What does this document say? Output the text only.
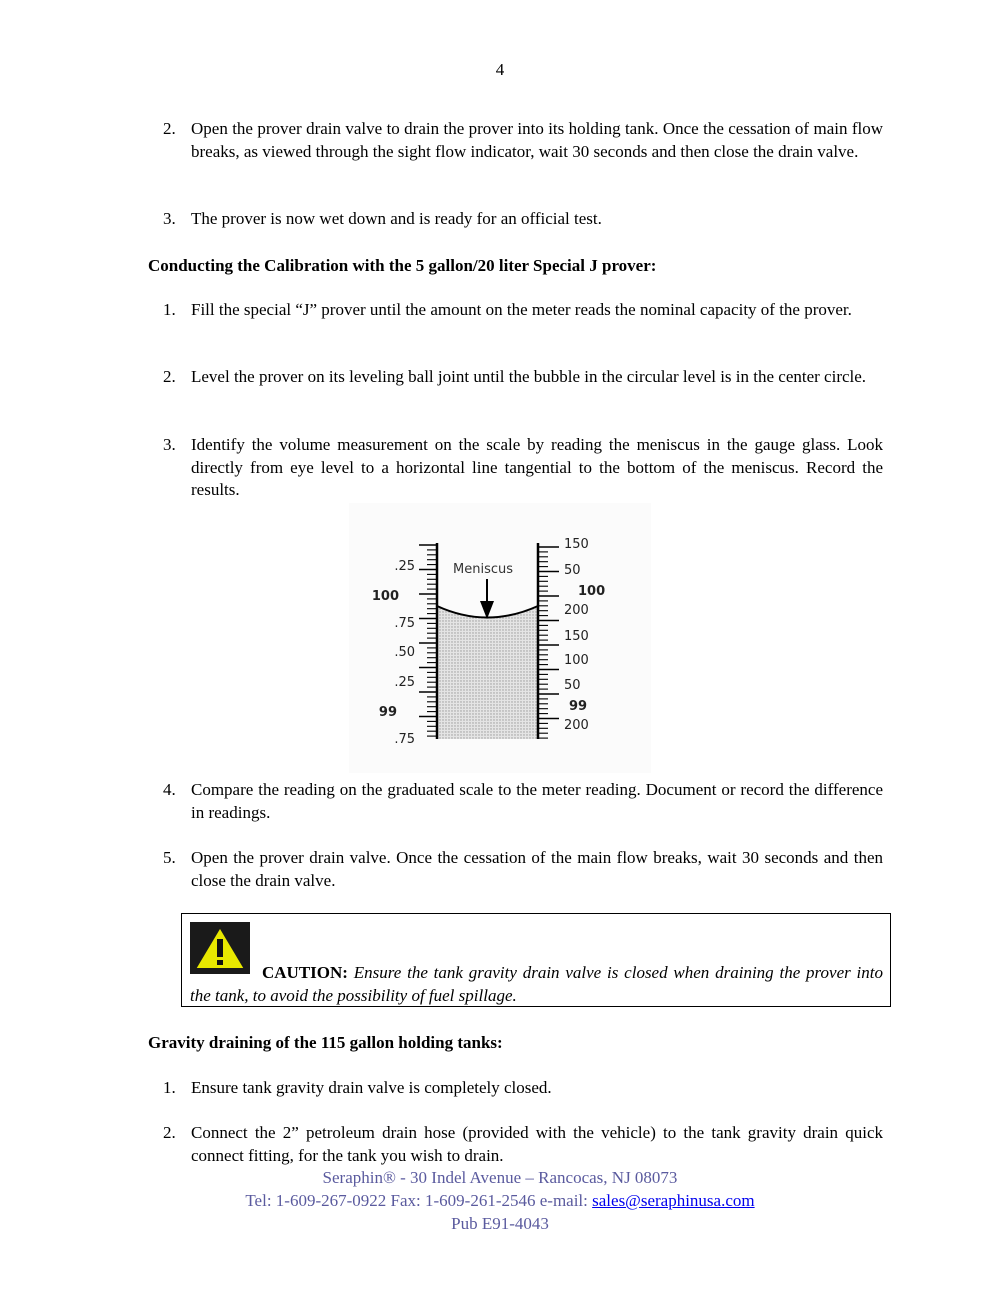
4
2. Open the prover drain valve to drain the prover into its holding tank. Once the cessation of main flow breaks, as viewed through the sight flow indicator, wait 30 seconds and then close the drain valve.
3. The prover is now wet down and is ready for an official test.
Conducting the Calibration with the 5 gallon/20 liter Special J prover:
1. Fill the special “J” prover until the amount on the meter reads the nominal capacity of the prover.
2. Level the prover on its leveling ball joint until the bubble in the circular level is in the center circle.
3. Identify the volume measurement on the scale by reading the meniscus in the gauge glass. Look directly from eye level to a horizontal line tangential to the bottom of the meniscus. Record the results.
Meniscus
.25
100
.75
.50
.25
99
.75
150
50
100
200
150
100
50
99
200
4. Compare the reading on the graduated scale to the meter reading. Document or record the difference in readings.
5. Open the prover drain valve. Once the cessation of the main flow breaks, wait 30 seconds and then close the drain valve.
CAUTION: Ensure the tank gravity drain valve is closed when draining the prover into the tank, to avoid the possibility of fuel spillage.
Gravity draining of the 115 gallon holding tanks:
1. Ensure tank gravity drain valve is completely closed.
2. Connect the 2” petroleum drain hose (provided with the vehicle) to the tank gravity drain quick connect fitting, for the tank you wish to drain.
Seraphin® - 30 Indel Avenue – Rancocas, NJ 08073
Tel: 1-609-267-0922 Fax: 1-609-261-2546 e-mail: sales@seraphinusa.com
Pub E91-4043
